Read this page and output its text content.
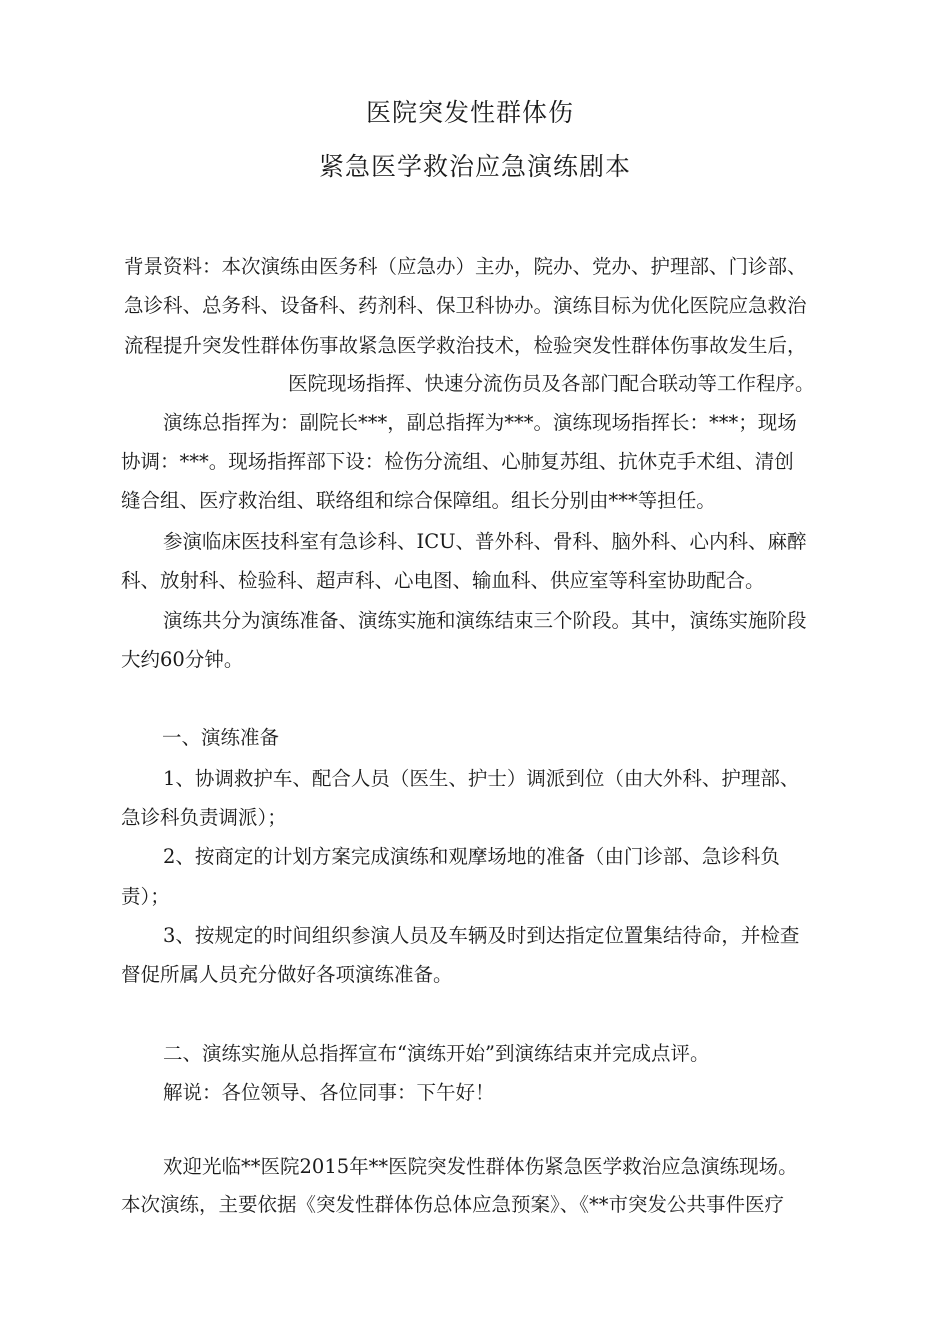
医院突发性群体伤
紧急医学救治应急演练剧本
背景资料：本次演练由医务科（应急办）主办，院办、党办、护理部、门诊部、
急诊科、总务科、设备科、药剂科、保卫科协办。演练目标为优化医院应急救治
流程提升突发性群体伤事故紧急医学救治技术，检验突发性群体伤事故发生后，
医院现场指挥、快速分流伤员及各部门配合联动等工作程序。
演练总指挥为：副院长***，副总指挥为***。演练现场指挥长：***；现场
协调：***。现场指挥部下设：检伤分流组、心肺复苏组、抗休克手术组、清创
缝合组、医疗救治组、联络组和综合保障组。组长分别由***等担任。
参演临床医技科室有急诊科、ICU、普外科、骨科、脑外科、心内科、麻醉
科、放射科、检验科、超声科、心电图、输血科、供应室等科室协助配合。
演练共分为演练准备、演练实施和演练结束三个阶段。其中，演练实施阶段
大约60分钟。
一、演练准备
1、协调救护车、配合人员（医生、护士）调派到位（由大外科、护理部、
急诊科负责调派）；
2、按商定的计划方案完成演练和观摩场地的准备（由门诊部、急诊科负
责）；
3、按规定的时间组织参演人员及车辆及时到达指定位置集结待命，并检查
督促所属人员充分做好各项演练准备。
二、演练实施从总指挥宣布“演练开始”到演练结束并完成点评。
解说：各位领导、各位同事：下午好！
欢迎光临**医院2015年**医院突发性群体伤紧急医学救治应急演练现场。
本次演练，主要依据《突发性群体伤总体应急预案》、《**市突发公共事件医疗
